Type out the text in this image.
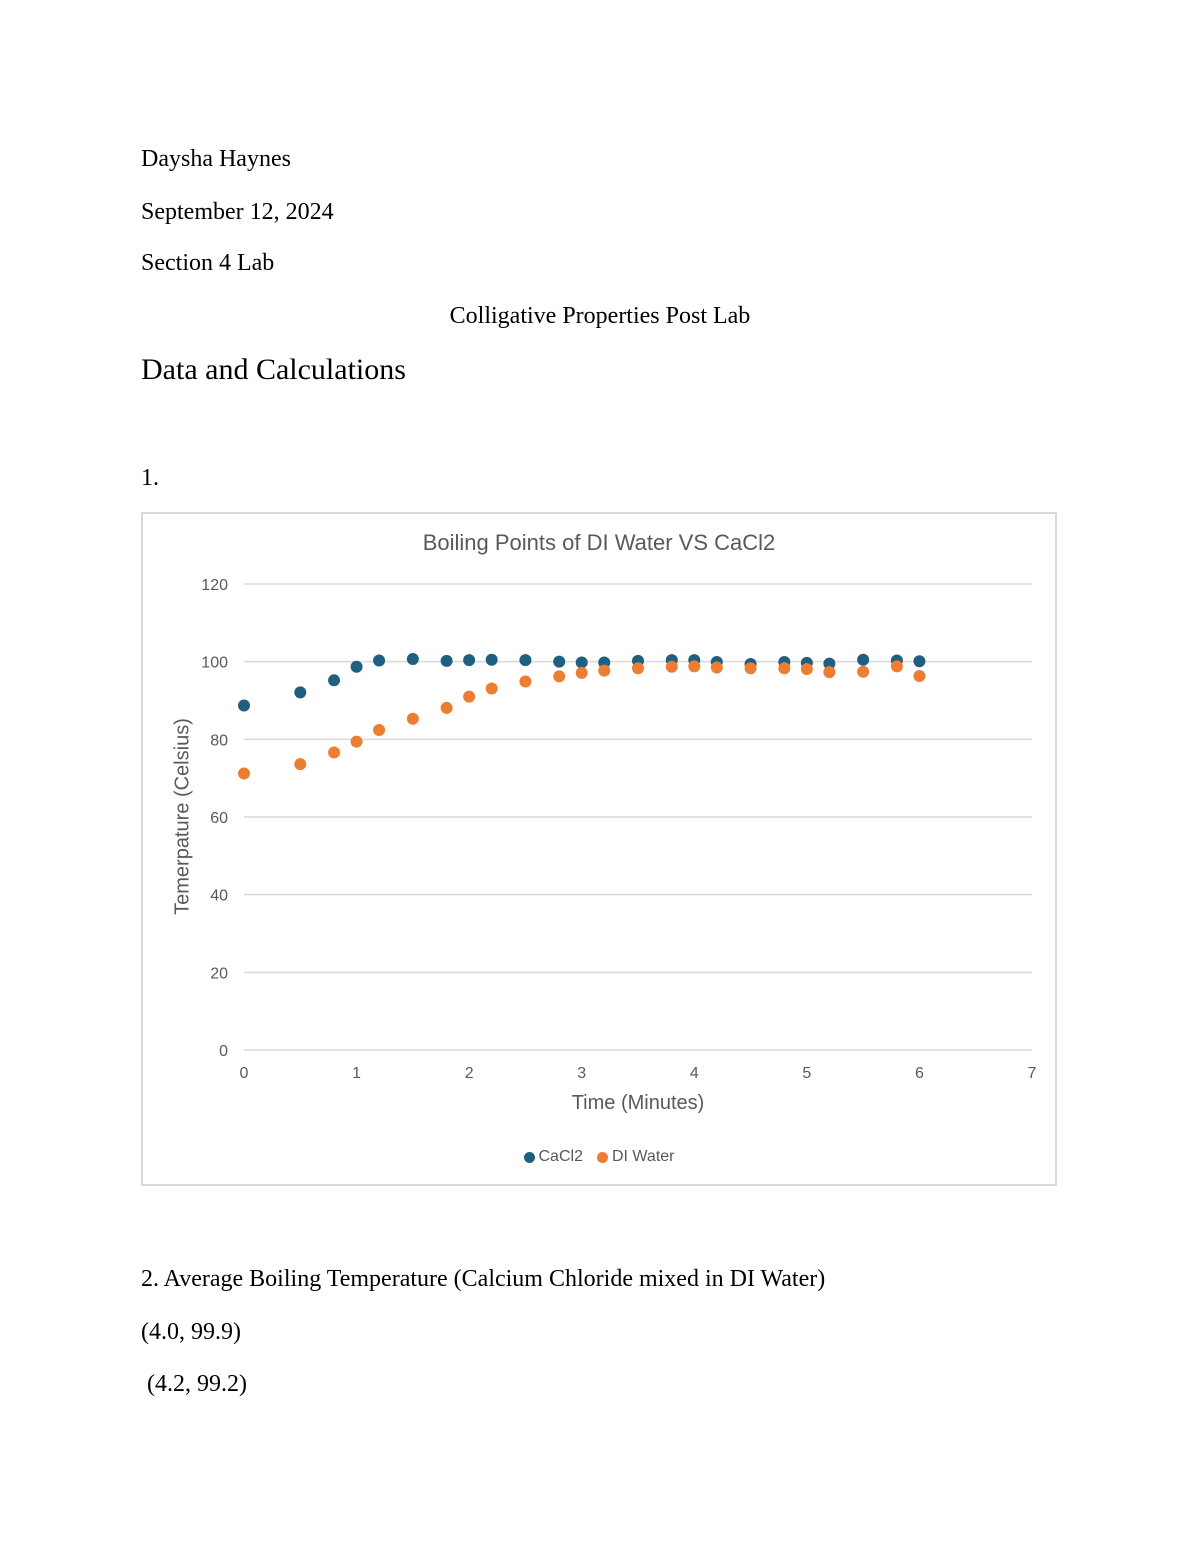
Daysha Haynes
September 12, 2024
Section 4 Lab
Colligative Properties Post Lab
Data and Calculations
1.
0
20
40
60
80
100
120
0	1	2	3	4	5	6	7
Boiling Points of DI Water VS CaCl2
Temerpature (Celsius)
Time (Minutes)
CaCl2 DI Water
2. Average Boiling Temperature (Calcium Chloride mixed in DI Water)
(4.0, 99.9)
(4.2, 99.2)
